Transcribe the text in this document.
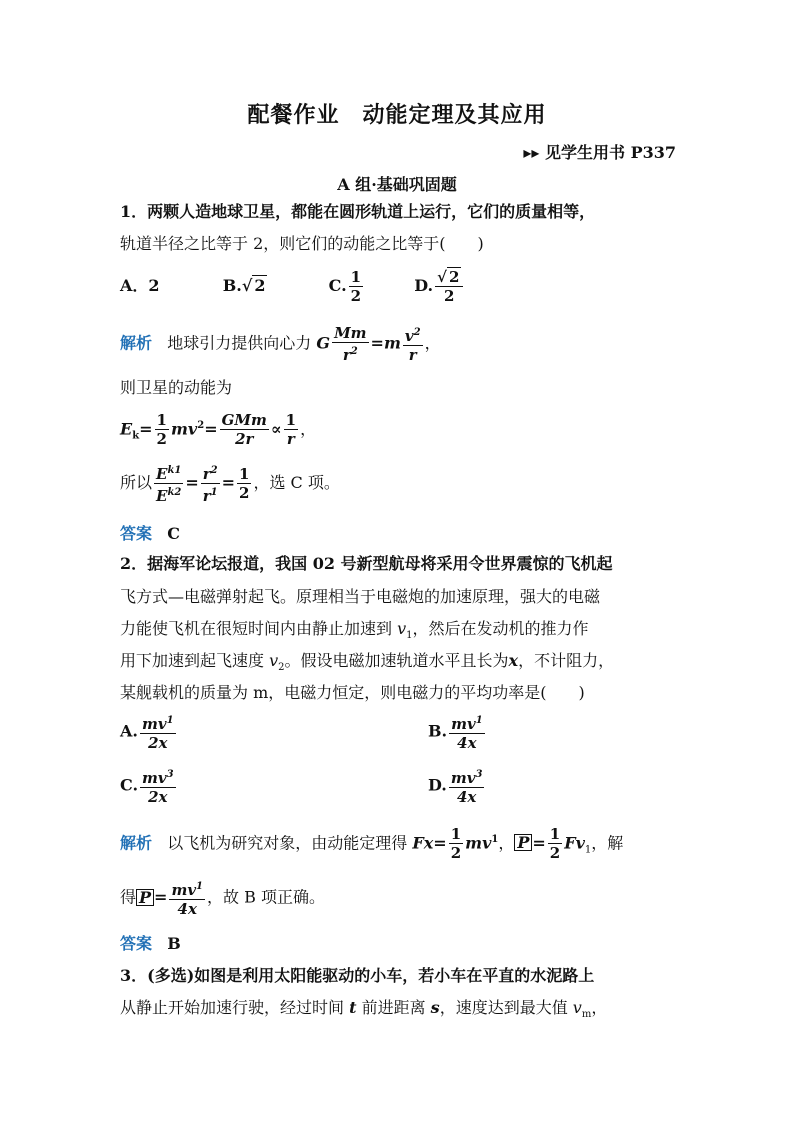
配餐作业　动能定理及其应用
▸▸ 见学生用书 P337
A 组·基础巩固题
1．两颗人造地球卫星，都能在圆形轨道上运行，它们的质量相等，
轨道半径之比等于 2，则它们的动能之比等于(　　)
A．2	B.√ 2	C. $\frac{1}{2}$	D. $\frac{√ 2}{2}$
解析 地球引力提供向心力 G $\frac{Mm}{r^2} =m \frac{v^2}{r}$ ，
则卫星的动能为
$E_k= \frac{1}{2} mv^2= \frac{\text{GMm}}{2r} \propto \frac{1}{r}$ ，
所以 $\frac{E^{k1}}{E^{k2}} = \frac{r^2}{r^1} = \frac{1}{2}$ ，选 C 项。
答案 C
2．据海军论坛报道，我国 02 号新型航母将采用令世界震惊的飞机起
飞方式—电磁弹射起飞。原理相当于电磁炮的加速原理，强大的电磁
力能使飞机在很短时间内由静止加速到 $v_1$，然后在发动机的推力作
用下加速到起飞速度 $v_2$。假设电磁加速轨道水平且长为x，不计阻力，
某舰载机的质量为 m，电磁力恒定，则电磁力的平均功率是(　　)
A. $\frac{mv^1}{2x}$	B. $\frac{mv^1}{4x}$
C. $\frac{mv^3}{2x}$	D. $\frac{mv^3}{4x}$
解析 以飞机为研究对象，由动能定理得 $Fx= \frac{1}{2} mv^1$， $P = \frac{1}{2} Fv_1$，解
得 $P = \frac{mv^1}{4x}$ ，故 B 项正确。
答案 B
3．(多选)如图是利用太阳能驱动的小车，若小车在平直的水泥路上
从静止开始加速行驶，经过时间 t 前进距离 s，速度达到最大值 $v_m$，
